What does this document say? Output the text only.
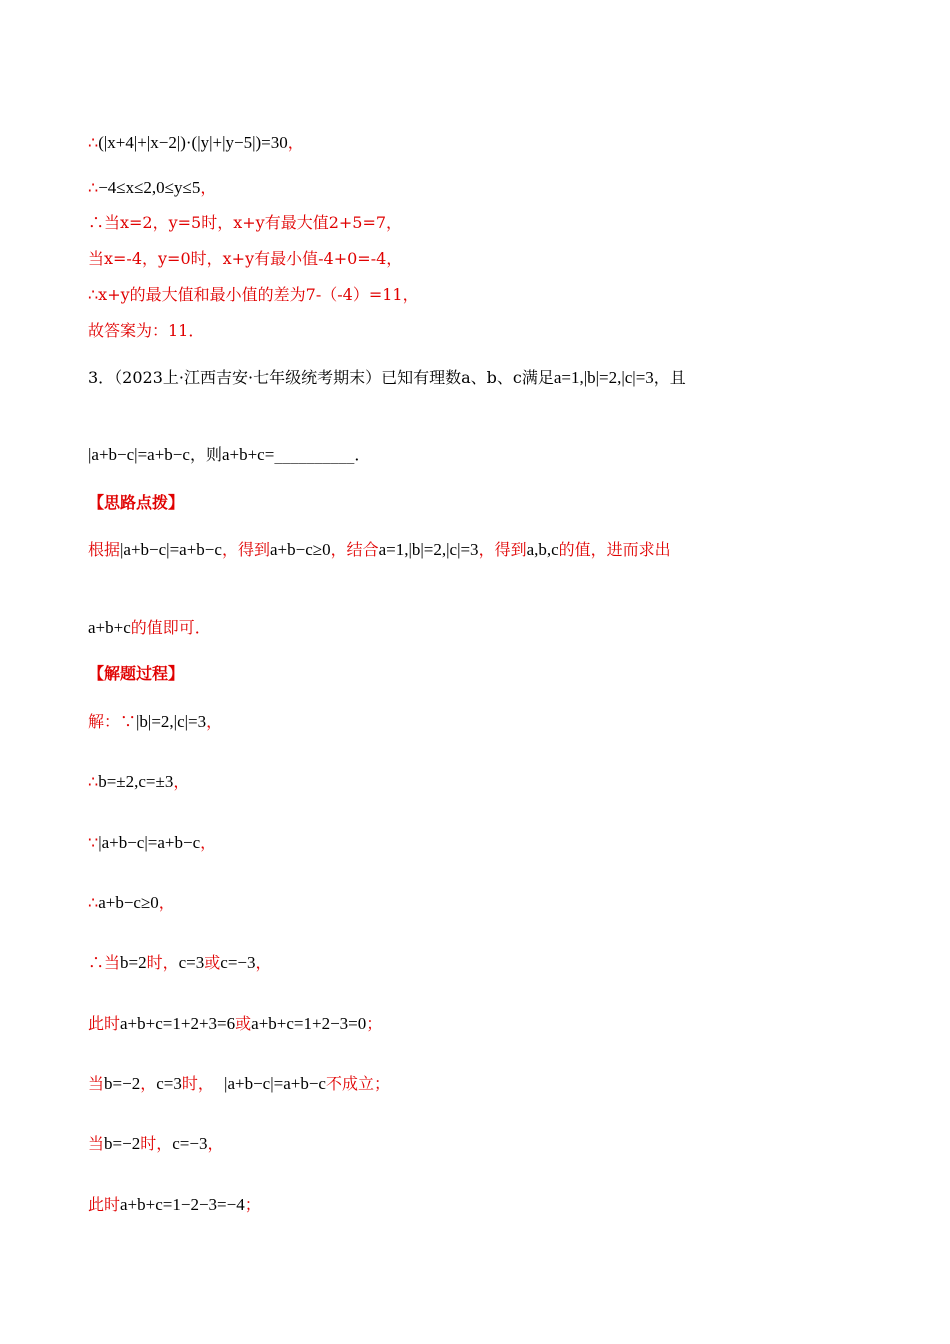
∴(|x+4|+|x−2|)·(|y|+|y−5|)=30，
∴−4≤x≤2,0≤y≤5，
∴当x=2，y=5时，x+y有最大值2+5=7，
当x=-4，y=0时，x+y有最小值-4+0=-4，
∴x+y的最大值和最小值的差为7-（-4）=11，
故答案为：11．
3．（2023上·江西吉安·七年级统考期末）已知有理数a、b、c满足a=1,|b|=2,|c|=3，且
|a+b−c|=a+b−c，则a+b+c=__________．
【思路点拨】
根据|a+b−c|=a+b−c，得到a+b−c≥0，结合a=1,|b|=2,|c|=3，得到a,b,c的值，进而求出
a+b+c的值即可．
【解题过程】
解：∵|b|=2,|c|=3，
∴b=±2,c=±3，
∵|a+b−c|=a+b−c，
∴a+b−c≥0，
∴当b=2时，c=3或c=−3，
此时a+b+c=1+2+3=6或a+b+c=1+2−3=0；
当b=−2，c=3时， |a+b−c|=a+b−c不成立；
当b=−2时，c=−3，
此时a+b+c=1−2−3=−4；
